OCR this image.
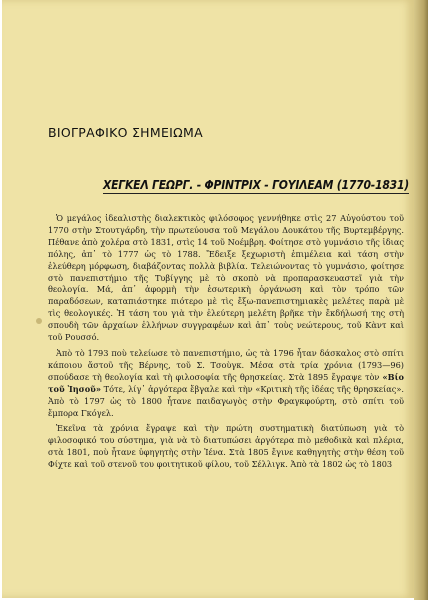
ΒΙΟΓΡΑΦΙΚΟ ΣΗΜΕΙΩΜΑ
ΧΕΓΚΕΛ ΓΕΩΡΓ. - ΦΡΙΝΤΡΙΧ - ΓΟΥΙΛΕΑΜ (1770-1831)

Ὁ μεγάλος ἰδεαλιστὴς διαλεκτικὸς φιλόσοφος γεννήθηκε στὶς 27 Αὐγούστου τοῦ 1770 στὴν Στουτγάρδη, τὴν πρωτεύουσα τοῦ Μεγάλου Δουκάτου τῆς Βυρτεμβέργης. Πέθανε ἀπὸ χολέρα στὸ 1831, στὶς 14 τοῦ Νοέμβρη. Φοίτησε στὸ γυμνάσιο τῆς ἰδιας πόλης, ἀπ᾿ τὸ 1777 ὡς τὸ 1788. Ἔδειξε ξεχωριστὴ ἐπιμέλεια καὶ τάση στὴν ἐλεύθερη μόρφωση, διαβάζοντας πολλὰ βιβλία. Τελειώνοντας τὸ γυμνάσιο, φοίτησε στὸ πανεπιστήμιο τῆς Τυβίγγης μὲ τὸ σκοπὸ νὰ προπαρασκευαστεῖ γιὰ τὴν θεολογία. Μά, ἀπ᾿ ἀφορμὴ τὴν ἐσωτερικὴ ὀργάνωση καὶ τὸν τρόπο τῶν παραδόσεων, καταπιάστηκε πιότερο μὲ τὶς ἔξω-πανεπιστημιακὲς μελέτες παρὰ μὲ τὶς θεολογικές. Ἡ τάση του γιὰ τὴν ἐλεύτερη μελέτη βρῆκε τὴν ἔκδήλωσή της στὴ σπουδὴ τῶν ἀρχαίων ἑλλήνων συγγραφέων καὶ ἀπ᾿ τοὺς νεώτερους, τοῦ Κὰντ καὶ τοῦ Ρουσσό.

Ἀπὸ τὸ 1793 ποὺ τελείωσε τὸ πανεπιστήμιο, ὡς τὰ 1796 ἦταν δάσκαλος στὸ σπίτι κάποιου ἄστοῦ τῆς Βέρνης, τοῦ Σ. Τσοὺγκ. Μέσα στὰ τρία χρόνια (1793—96) σπούδασε τὴ θεολογία καὶ τὴ φιλοσοφία τῆς θρησκείας. Στὰ 1895 ἔγραψε τὸν «Βίο τοῦ Ἰησοῦ» Τότε, λίγ᾿ ἀργότερα ἔβγαλε καὶ τὴν «Κριτικὴ τῆς ἰδέας τῆς θρησκείας». Ἀπὸ τὸ 1797 ὡς τὸ 1800 ἦτανε παιδαγωγὸς στὴν Φραγκφούρτη, στὸ σπίτι τοῦ ἔμπορα Γκόγελ.

Ἐκεῖνα τὰ χρόνια ἔγραψε καὶ τὴν πρώτη συστηματικὴ διατύπωση γιὰ τὸ φιλοσοφικό του σύστημα, γιὰ νὰ τὸ διατυπώσει ἀργότερα πιὸ μεθοδικὰ καὶ πλέρια, στὰ 1801, ποὺ ἦτανε ὑφηγητὴς στὴν Ἰένα. Στὰ 1805 ἔγινε καθηγητὴς στὴν θέση τοῦ Φίχτε καὶ τοῦ στενοῦ του φοιτητικοῦ φίλου, τοῦ Σέλλιγκ. Ἀπὸ τὰ 1802 ὡς τὸ 1803
